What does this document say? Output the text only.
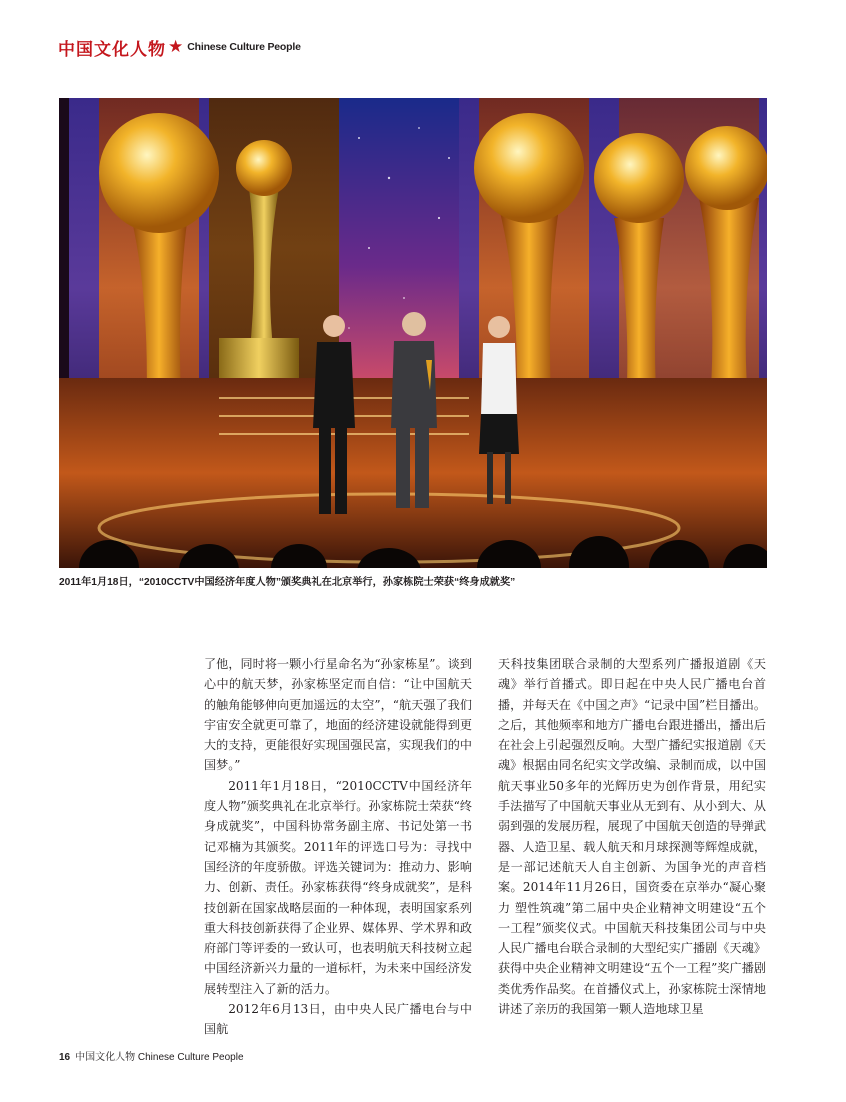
中国文化人物 ★ Chinese Culture People
2011年1月18日，“2010CCTV中国经济年度人物”颁奖典礼在北京举行，孙家栋院士荣获“终身成就奖”

了他，同时将一颗小行星命名为“孙家栋星”。谈到心中的航天梦，孙家栋坚定而自信：“让中国航天的触角能够伸向更加遥远的太空”，“航天强了我们宇宙安全就更可靠了，地面的经济建设就能得到更大的支持，更能很好实现国强民富，实现我们的中国梦。”

2011年1月18日，“2010CCTV中国经济年度人物”颁奖典礼在北京举行。孙家栋院士荣获“终身成就奖”，中国科协常务副主席、书记处第一书记邓楠为其颁奖。2011年的评选口号为：寻找中国经济的年度骄傲。评选关键词为：推动力、影响力、创新、责任。孙家栋获得“终身成就奖”，是科技创新在国家战略层面的一种体现，表明国家系列重大科技创新获得了企业界、媒体界、学术界和政府部门等评委的一致认可，也表明航天科技树立起中国经济新兴力量的一道标杆，为未来中国经济发展转型注入了新的活力。

2012年6月13日，由中央人民广播电台与中国航

天科技集团联合录制的大型系列广播报道剧《天魂》举行首播式。即日起在中央人民广播电台首播，并每天在《中国之声》“记录中国”栏目播出。之后，其他频率和地方广播电台跟进播出，播出后在社会上引起强烈反响。大型广播纪实报道剧《天魂》根据由同名纪实文学改编、录制而成，以中国航天事业50多年的光辉历史为创作背景，用纪实手法描写了中国航天事业从无到有、从小到大、从弱到强的发展历程，展现了中国航天创造的导弹武器、人造卫星、载人航天和月球探测等辉煌成就，是一部记述航天人自主创新、为国争光的声音档案。2014年11月26日，国资委在京举办“凝心聚力 塑性筑魂”第二届中央企业精神文明建设“五个一工程”颁奖仪式。中国航天科技集团公司与中央人民广播电台联合录制的大型纪实广播剧《天魂》获得中央企业精神文明建设“五个一工程”奖广播剧类优秀作品奖。在首播仪式上，孙家栋院士深情地讲述了亲历的我国第一颗人造地球卫星

16 中国文化人物 Chinese Culture People
